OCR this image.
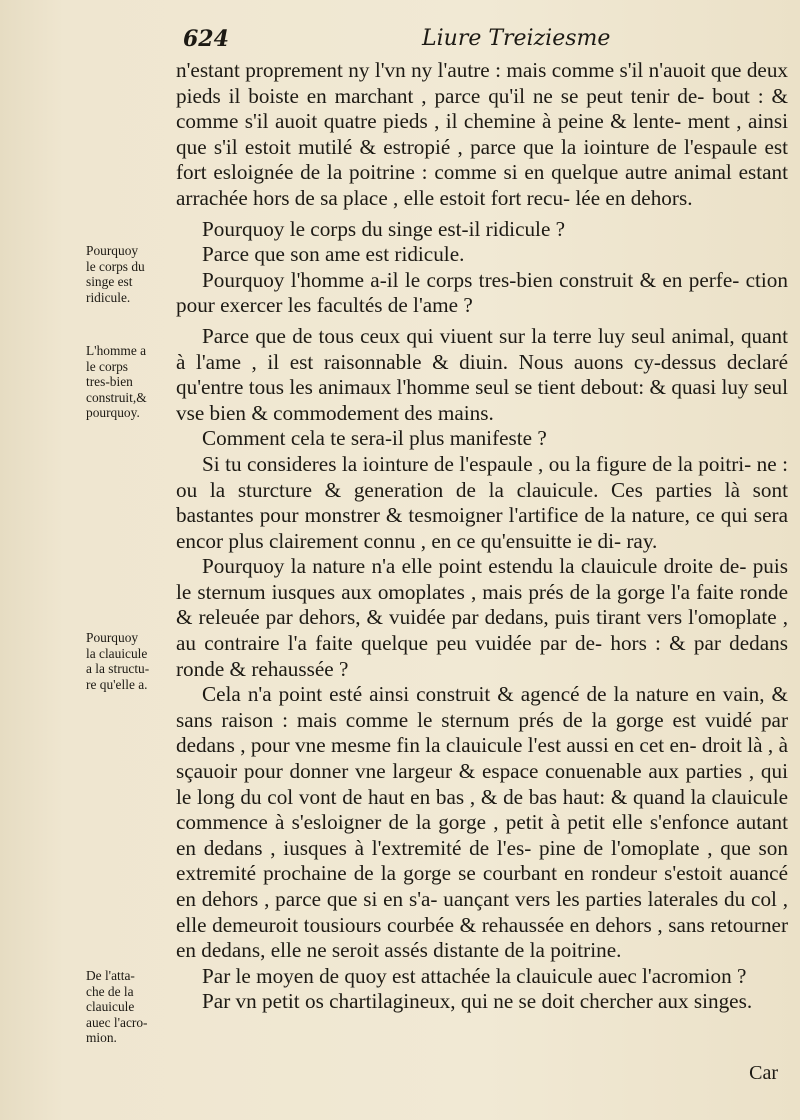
624	Liure Treiziesme

n'estant proprement ny l'vn ny l'autre : mais comme s'il n'auoit que deux pieds il boiste en marchant , parce qu'il ne se peut tenir de- bout : & comme s'il auoit quatre pieds , il chemine à peine & lente- ment , ainsi que s'il estoit mutilé & estropié , parce que la iointure de l'espaule est fort esloignée de la poitrine : comme si en quelque autre animal estant arrachée hors de sa place , elle estoit fort recu- lée en dehors.

Pourquoy le corps du singe est-il ridicule ?

Parce que son ame est ridicule.

Pourquoy l'homme a-il le corps tres-bien construit & en perfe- ction pour exercer les facultés de l'ame ?

Parce que de tous ceux qui viuent sur la terre luy seul animal, quant à l'ame , il est raisonnable & diuin. Nous auons cy-dessus declaré qu'entre tous les animaux l'homme seul se tient debout: & quasi luy seul vse bien & commodement des mains.

Comment cela te sera-il plus manifeste ?

Si tu consideres la iointure de l'espaule , ou la figure de la poitri- ne : ou la sturcture & generation de la clauicule. Ces parties là sont bastantes pour monstrer & tesmoigner l'artifice de la nature, ce qui sera encor plus clairement connu , en ce qu'ensuitte ie di- ray.

Pourquoy la nature n'a elle point estendu la clauicule droite de- puis le sternum iusques aux omoplates , mais prés de la gorge l'a faite ronde & releuée par dehors, & vuidée par dedans, puis tirant vers l'omoplate , au contraire l'a faite quelque peu vuidée par de- hors : & par dedans ronde & rehaussée ?

Cela n'a point esté ainsi construit & agencé de la nature en vain, & sans raison : mais comme le sternum prés de la gorge est vuidé par dedans , pour vne mesme fin la clauicule l'est aussi en cet en- droit là , à sçauoir pour donner vne largeur & espace conuenable aux parties , qui le long du col vont de haut en bas , & de bas haut: & quand la clauicule commence à s'esloigner de la gorge , petit à petit elle s'enfonce autant en dedans , iusques à l'extremité de l'es- pine de l'omoplate , que son extremité prochaine de la gorge se courbant en rondeur s'estoit auancé en dehors , parce que si en s'a- uançant vers les parties laterales du col , elle demeuroit tousiours courbée & rehaussée en dehors , sans retourner en dedans, elle ne seroit assés distante de la poitrine.

Par le moyen de quoy est attachée la clauicule auec l'acromion ?

Par vn petit os chartilagineux, qui ne se doit chercher aux singes.

Car
Pourquoy
le corps du
singe est
ridicule.
L'homme a
le corps
tres-bien
construit,&
pourquoy.
Pourquoy
la clauicule
a la structu-
re qu'elle a.
De l'atta-
che de la
clauicule
auec l'acro-
mion.
